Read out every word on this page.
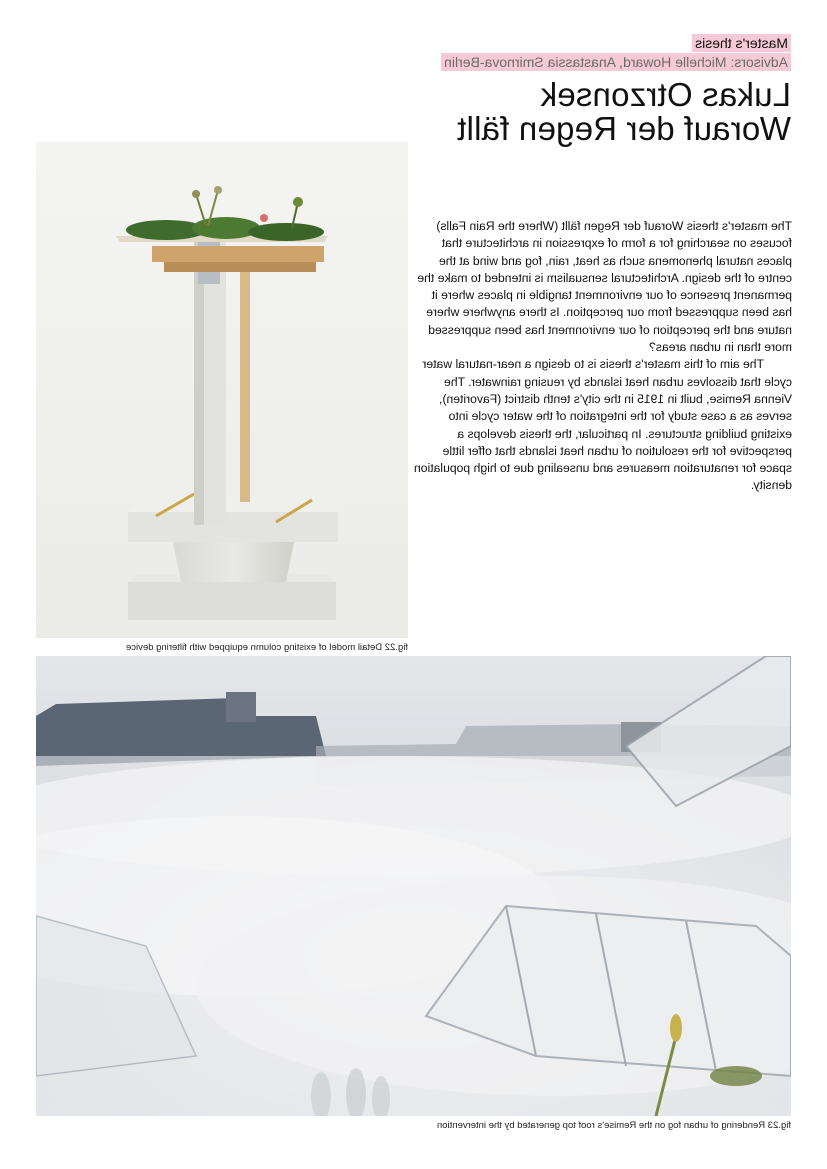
Master's thesis
Advisors: Michelle Howard, Anastassia Smirnova-Berlin
Lukas Otrzonsek
Worauf der Regen fällt

The master's thesis Worauf der Regen fällt (Where the Rain Falls) focuses on searching for a form of expression in architecture that places natural phenomena such as heat, rain, fog and wind at the centre of the design. Architectural sensualism is intended to make the permanent presence of our environment tangible in places where it has been suppressed from our perception. Is there anywhere where nature and the perception of our environment has been suppressed more than in urban areas?

The aim of this master's thesis is to design a near-natural water cycle that dissolves urban heat islands by reusing rainwater. The Vienna Remise, built in 1915 in the city's tenth district (Favoriten), serves as a case study for the integration of the water cycle into existing building structures. In particular, the thesis develops a perspective for the resolution of urban heat islands that offer little space for renaturation measures and unsealing due to high population density.

fig.22 Detail model of existing column equipped with filtering device
fig.23 Rendering of urban fog on the Remise's roof top generated by the intervention
